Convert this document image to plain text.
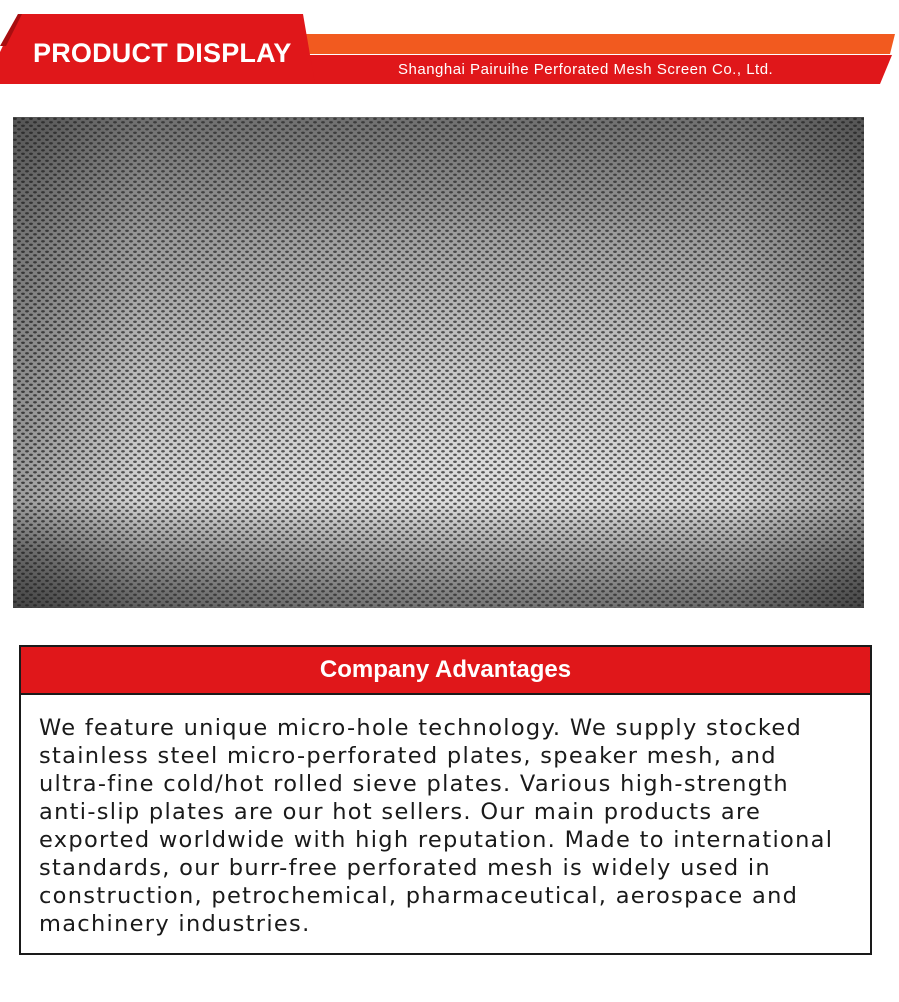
PRODUCT DISPLAY
Shanghai Pairuihe Perforated Mesh Screen Co., Ltd.
Company Advantages
We feature unique micro-hole technology. We supply stocked stainless steel micro-perforated plates, speaker mesh, and ultra-fine cold/hot rolled sieve plates. Various high-strength anti-slip plates are our hot sellers. Our main products are exported worldwide with high reputation. Made to international standards, our burr-free perforated mesh is widely used in construction, petrochemical, pharmaceutical, aerospace and machinery industries.
